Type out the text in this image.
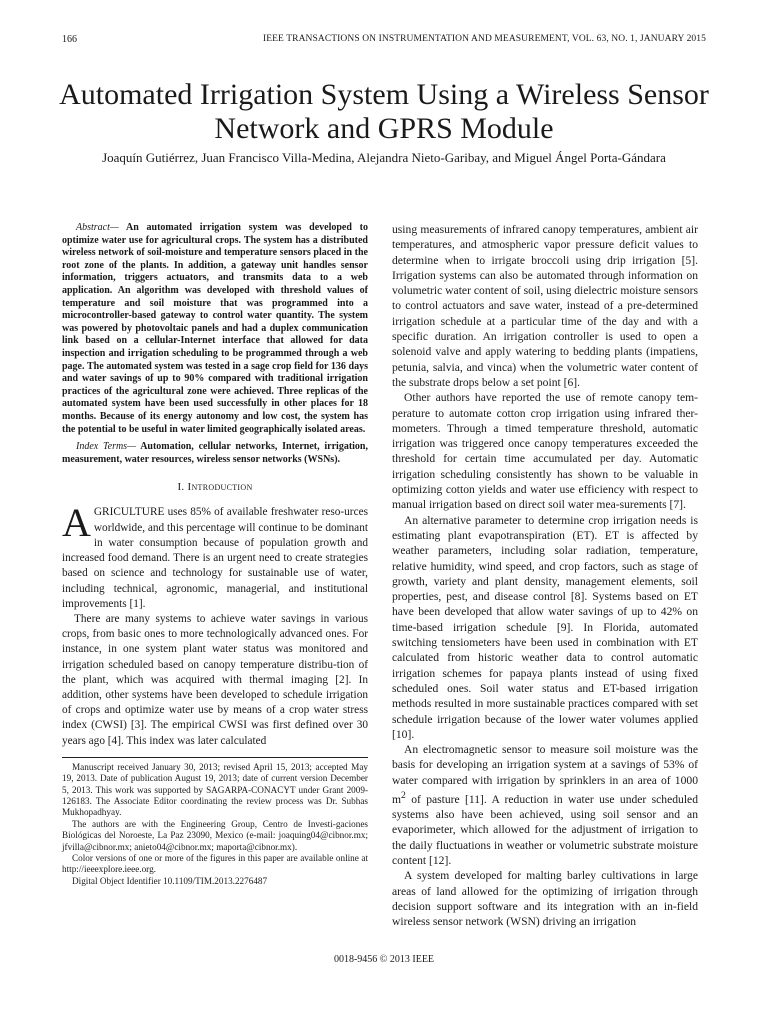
166	IEEE TRANSACTIONS ON INSTRUMENTATION AND MEASUREMENT, VOL. 63, NO. 1, JANUARY 2015
Automated Irrigation System Using a Wireless Sensor Network and GPRS Module
Joaquín Gutiérrez, Juan Francisco Villa-Medina, Alejandra Nieto-Garibay, and Miguel Ángel Porta-Gándara

Abstract— An automated irrigation system was developed to optimize water use for agricultural crops. The system has a distributed wireless network of soil-moisture and temperature sensors placed in the root zone of the plants. In addition, a gateway unit handles sensor information, triggers actuators, and transmits data to a web application. An algorithm was developed with threshold values of temperature and soil moisture that was programmed into a microcontroller-based gateway to control water quantity. The system was powered by photovoltaic panels and had a duplex communication link based on a cellular-Internet interface that allowed for data inspection and irrigation scheduling to be programmed through a web page. The automated system was tested in a sage crop field for 136 days and water savings of up to 90% compared with traditional irrigation practices of the agricultural zone were achieved. Three replicas of the automated system have been used successfully in other places for 18 months. Because of its energy autonomy and low cost, the system has the potential to be useful in water limited geographically isolated areas.

Index Terms— Automation, cellular networks, Internet, irrigation, measurement, water resources, wireless sensor networks (WSNs).

I. Introduction

AGRICULTURE uses 85% of available freshwater reso-urces worldwide, and this percentage will continue to be dominant in water consumption because of population growth and increased food demand. There is an urgent need to create strategies based on science and technology for sustainable use of water, including technical, agronomic, managerial, and institutional improvements [1].

There are many systems to achieve water savings in various crops, from basic ones to more technologically advanced ones. For instance, in one system plant water status was monitored and irrigation scheduled based on canopy temperature distribu-tion of the plant, which was acquired with thermal imaging [2]. In addition, other systems have been developed to schedule irrigation of crops and optimize water use by means of a crop water stress index (CWSI) [3]. The empirical CWSI was first defined over 30 years ago [4]. This index was later calculated

Manuscript received January 30, 2013; revised April 15, 2013; accepted May 19, 2013. Date of publication August 19, 2013; date of current version December 5, 2013. This work was supported by SAGARPA-CONACYT under Grant 2009-126183. The Associate Editor coordinating the review process was Dr. Subhas Mukhopadhyay.

The authors are with the Engineering Group, Centro de Investi-gaciones Biológicas del Noroeste, La Paz 23090, Mexico (e-mail: joaquing04@cibnor.mx; jfvilla@cibnor.mx; anieto04@cibnor.mx; maporta@cibnor.mx).

Color versions of one or more of the figures in this paper are available online at http://ieeexplore.ieee.org.

Digital Object Identifier 10.1109/TIM.2013.2276487

using measurements of infrared canopy temperatures, ambient air temperatures, and atmospheric vapor pressure deficit values to determine when to irrigate broccoli using drip irrigation [5]. Irrigation systems can also be automated through information on volumetric water content of soil, using dielectric moisture sensors to control actuators and save water, instead of a pre-determined irrigation schedule at a particular time of the day and with a specific duration. An irrigation controller is used to open a solenoid valve and apply watering to bedding plants (impatiens, petunia, salvia, and vinca) when the volumetric water content of the substrate drops below a set point [6].

Other authors have reported the use of remote canopy tem-perature to automate cotton crop irrigation using infrared ther-mometers. Through a timed temperature threshold, automatic irrigation was triggered once canopy temperatures exceeded the threshold for certain time accumulated per day. Automatic irrigation scheduling consistently has shown to be valuable in optimizing cotton yields and water use efficiency with respect to manual irrigation based on direct soil water mea-surements [7].

An alternative parameter to determine crop irrigation needs is estimating plant evapotranspiration (ET). ET is affected by weather parameters, including solar radiation, temperature, relative humidity, wind speed, and crop factors, such as stage of growth, variety and plant density, management elements, soil properties, pest, and disease control [8]. Systems based on ET have been developed that allow water savings of up to 42% on time-based irrigation schedule [9]. In Florida, automated switching tensiometers have been used in combination with ET calculated from historic weather data to control automatic irrigation schemes for papaya plants instead of using fixed scheduled ones. Soil water status and ET-based irrigation methods resulted in more sustainable practices compared with set schedule irrigation because of the lower water volumes applied [10].

An electromagnetic sensor to measure soil moisture was the basis for developing an irrigation system at a savings of 53% of water compared with irrigation by sprinklers in an area of 1000 $m^2$ of pasture [11]. A reduction in water use under scheduled systems also have been achieved, using soil sensor and an evaporimeter, which allowed for the adjustment of irrigation to the daily fluctuations in weather or volumetric substrate moisture content [12].

A system developed for malting barley cultivations in large areas of land allowed for the optimizing of irrigation through decision support software and its integration with an in-field wireless sensor network (WSN) driving an irrigation

0018-9456 © 2013 IEEE
